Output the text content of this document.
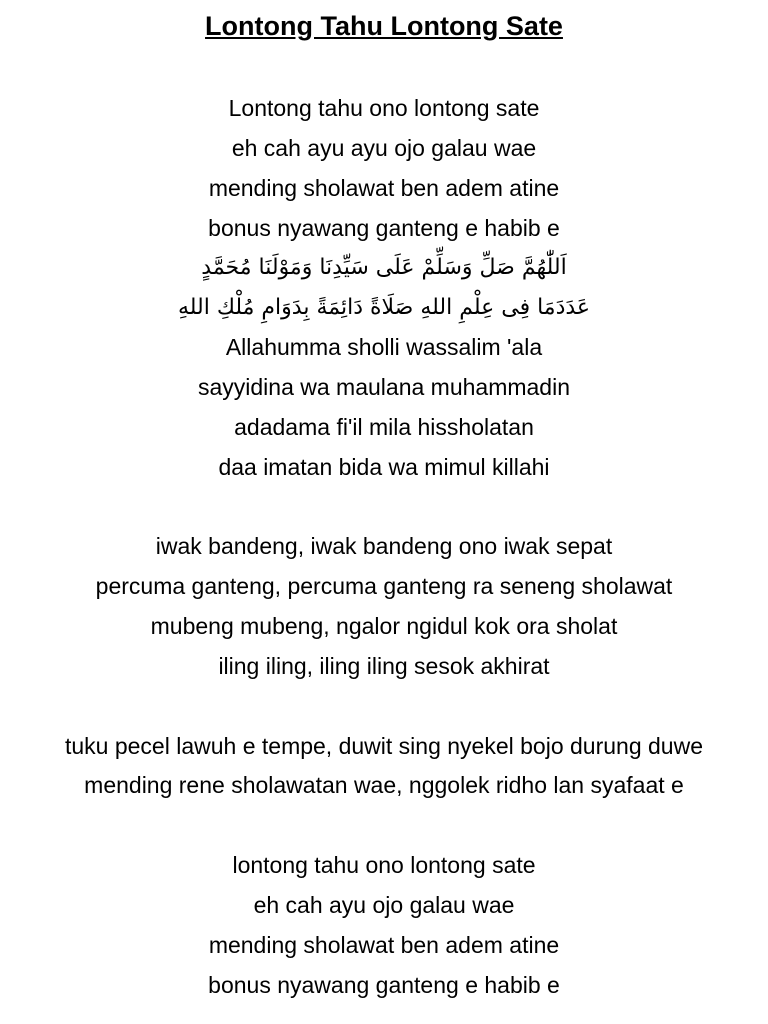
Lontong Tahu Lontong Sate
Lontong tahu ono lontong sate
eh cah ayu ayu ojo galau wae
mending sholawat ben adem atine
bonus nyawang ganteng e habib e
اَللّٰهُمَّ صَلِّ وَسَلِّمْ عَلَى سَيِّدِنَا وَمَوْلَنَا مُحَمَّدٍ
عَدَدَمَا فِى عِلْمِ اللهِ صَلَاةً دَائِمَةً بِدَوَامِ مُلْكِ اللهِ
Allahumma sholli wassalim 'ala
sayyidina wa maulana muhammadin
adadama fi'il mila hissholatan
daa imatan bida wa mimul killahi
iwak bandeng, iwak bandeng ono iwak sepat
percuma ganteng, percuma ganteng ra seneng sholawat
mubeng mubeng, ngalor ngidul kok ora sholat
iling iling, iling iling sesok akhirat
tuku pecel lawuh e tempe, duwit sing nyekel bojo durung duwe
mending rene sholawatan wae, nggolek ridho lan syafaat e
lontong tahu ono lontong sate
eh cah ayu ojo galau wae
mending sholawat ben adem atine
bonus nyawang ganteng e habib e
